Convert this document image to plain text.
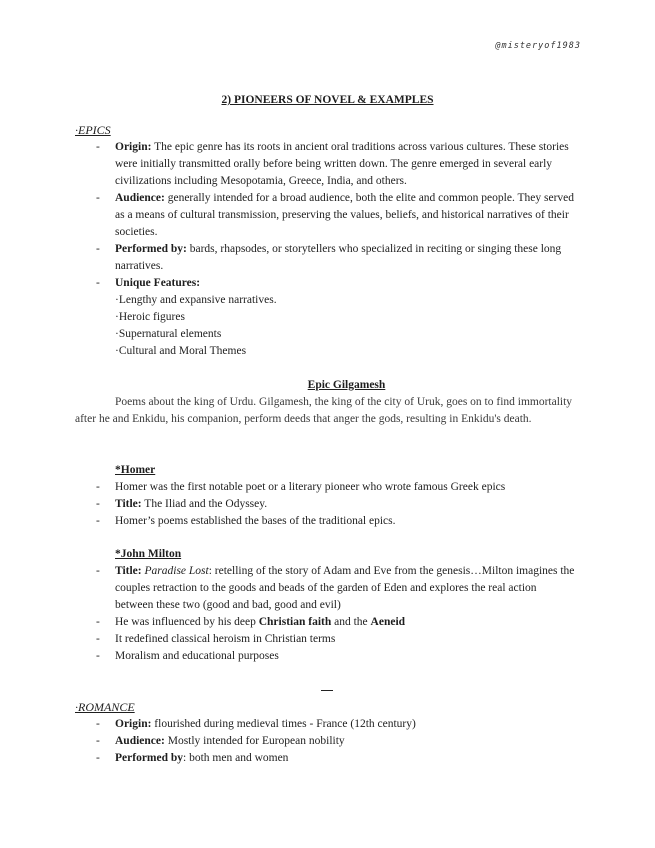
@misteryof1983
2) PIONEERS OF NOVEL & EXAMPLES
·EPICS
- Origin: The epic genre has its roots in ancient oral traditions across various cultures. These stories were initially transmitted orally before being written down. The genre emerged in several early civilizations including Mesopotamia, Greece, India, and others.
- Audience: generally intended for a broad audience, both the elite and common people. They served as a means of cultural transmission, preserving the values, beliefs, and historical narratives of their societies.
- Performed by: bards, rhapsodes, or storytellers who specialized in reciting or singing these long narratives.
- Unique Features:
·Lengthy and expansive narratives.
·Heroic figures
·Supernatural elements
·Cultural and Moral Themes
Epic Gilgamesh
Poems about the king of Urdu. Gilgamesh, the king of the city of Uruk, goes on to find immortality after he and Enkidu, his companion, perform deeds that anger the gods, resulting in Enkidu's death.
*Homer
- Homer was the first notable poet or a literary pioneer who wrote famous Greek epics
- Title: The Iliad and the Odyssey.
- Homer’s poems established the bases of the traditional epics.
*John Milton
- Title: Paradise Lost: retelling of the story of Adam and Eve from the genesis…Milton imagines the couples retraction to the goods and beads of the garden of Eden and explores the real action between these two (good and bad, good and evil)
- He was influenced by his deep Christian faith and the Aeneid
- It redefined classical heroism in Christian terms
- Moralism and educational purposes
·ROMANCE
- Origin: flourished during medieval times - France (12th century)
- Audience: Mostly intended for European nobility
- Performed by: both men and women
